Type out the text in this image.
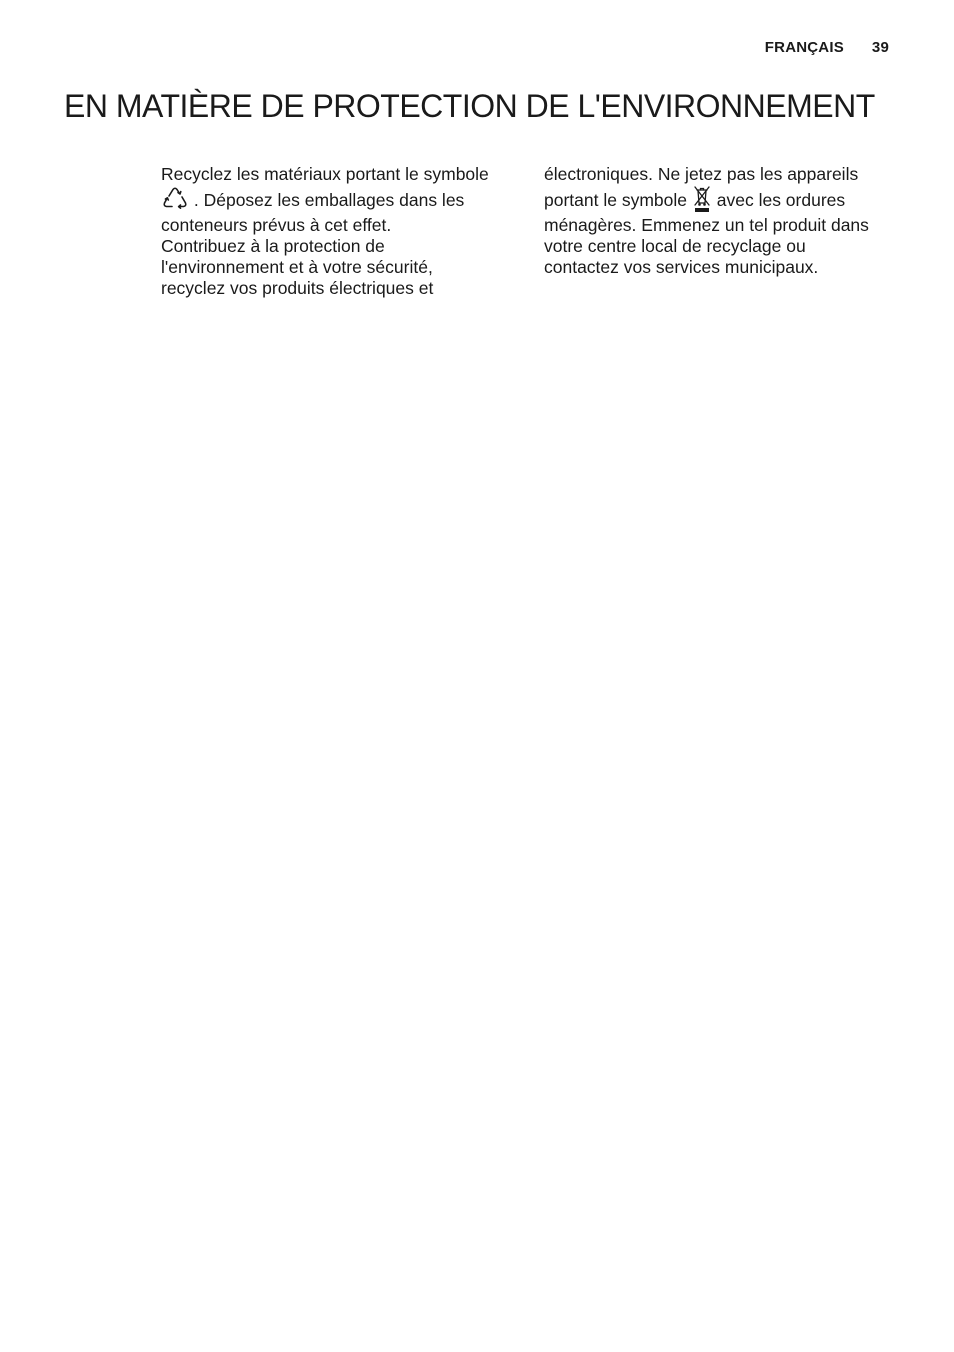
FRANÇAIS 39
EN MATIÈRE DE PROTECTION DE L'ENVIRONNEMENT
Recyclez les matériaux portant le symbole
. Déposez les emballages dans les
conteneurs prévus à cet effet.
Contribuez à la protection de
l'environnement et à votre sécurité,
recyclez vos produits électriques et
électroniques. Ne jetez pas les appareils
portant le symbole avec les ordures
ménagères. Emmenez un tel produit dans
votre centre local de recyclage ou
contactez vos services municipaux.
